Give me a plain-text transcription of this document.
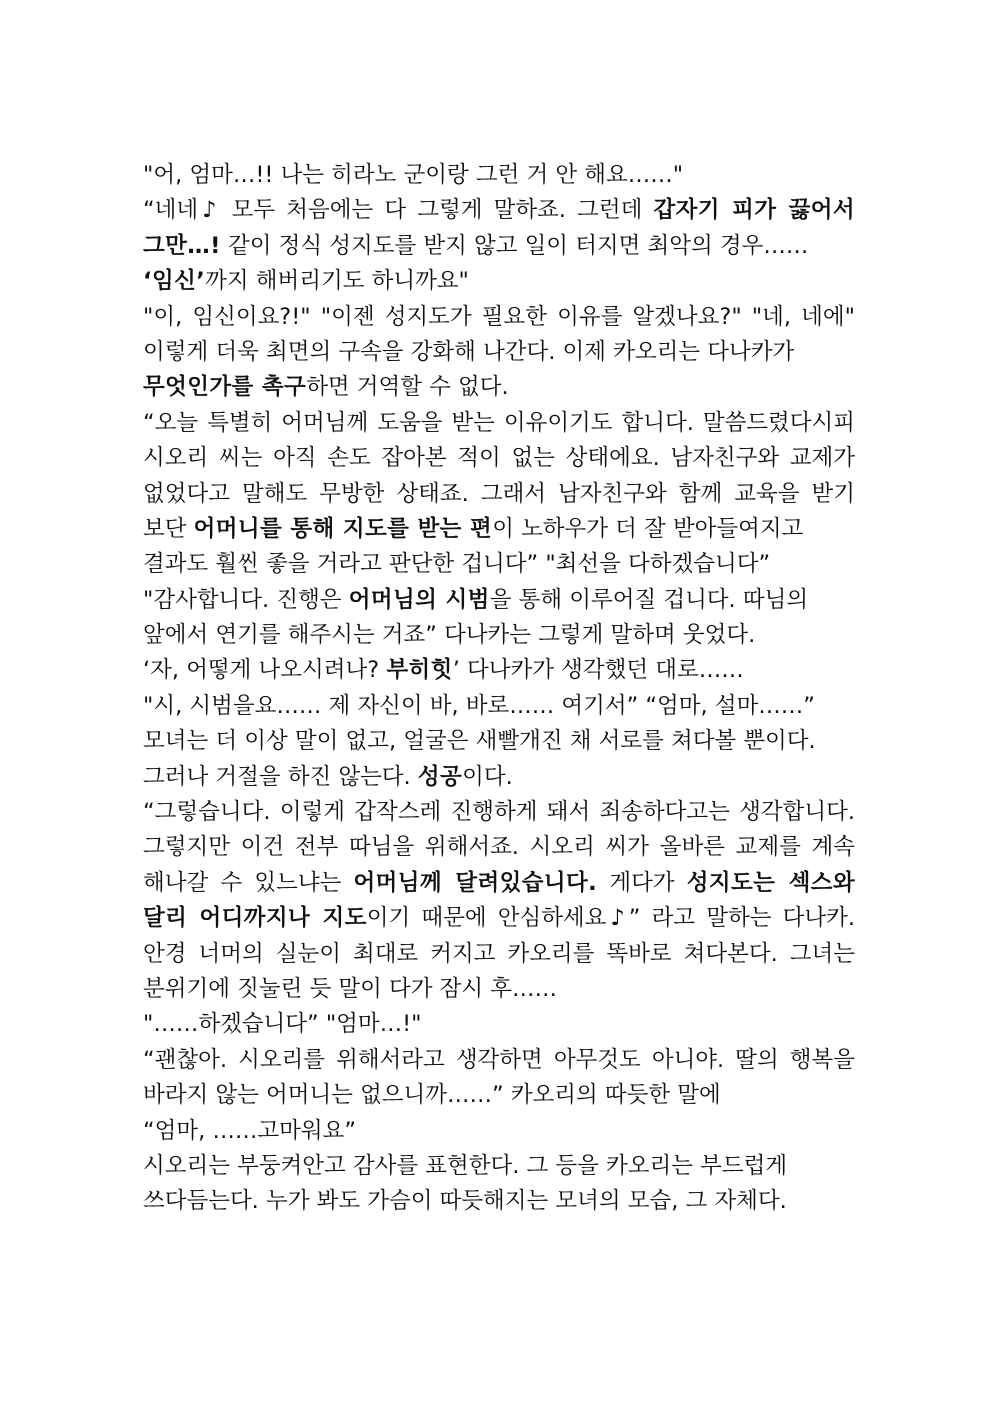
"어, 엄마…!! 나는 히라노 군이랑 그런 거 안 해요……"
“네네♪ 모두 처음에는 다 그렇게 말하죠. 그런데 갑자기 피가 끓어서
그만…! 같이 정식 성지도를 받지 않고 일이 터지면 최악의 경우……
‘임신’까지 해버리기도 하니까요"
"이, 임신이요?!" "이젠 성지도가 필요한 이유를 알겠나요?" "네, 네에"
이렇게 더욱 최면의 구속을 강화해 나간다. 이제 카오리는 다나카가
무엇인가를 촉구하면 거역할 수 없다.
“오늘 특별히 어머님께 도움을 받는 이유이기도 합니다. 말씀드렸다시피
시오리 씨는 아직 손도 잡아본 적이 없는 상태에요. 남자친구와 교제가
없었다고 말해도 무방한 상태죠. 그래서 남자친구와 함께 교육을 받기
보단 어머니를 통해 지도를 받는 편이 노하우가 더 잘 받아들여지고
결과도 훨씬 좋을 거라고 판단한 겁니다” "최선을 다하겠습니다”
"감사합니다. 진행은 어머님의 시범을 통해 이루어질 겁니다. 따님의
앞에서 연기를 해주시는 거죠” 다나카는 그렇게 말하며 웃었다.
‘자, 어떻게 나오시려나? 부히힛’ 다나카가 생각했던 대로……
"시, 시범을요…… 제 자신이 바, 바로…… 여기서” “엄마, 설마……”
모녀는 더 이상 말이 없고, 얼굴은 새빨개진 채 서로를 쳐다볼 뿐이다.
그러나 거절을 하진 않는다. 성공이다.
“그렇습니다. 이렇게 갑작스레 진행하게 돼서 죄송하다고는 생각합니다.
그렇지만 이건 전부 따님을 위해서죠. 시오리 씨가 올바른 교제를 계속
해나갈 수 있느냐는 어머님께 달려있습니다. 게다가 성지도는 섹스와
달리 어디까지나 지도이기 때문에 안심하세요♪” 라고 말하는 다나카.
안경 너머의 실눈이 최대로 커지고 카오리를 똑바로 쳐다본다. 그녀는
분위기에 짓눌린 듯 말이 다가 잠시 후……
"……하겠습니다” "엄마…!"
“괜찮아. 시오리를 위해서라고 생각하면 아무것도 아니야. 딸의 행복을
바라지 않는 어머니는 없으니까……” 카오리의 따듯한 말에
“엄마, ……고마워요”
시오리는 부둥켜안고 감사를 표현한다. 그 등을 카오리는 부드럽게
쓰다듬는다. 누가 봐도 가슴이 따듯해지는 모녀의 모습, 그 자체다.
